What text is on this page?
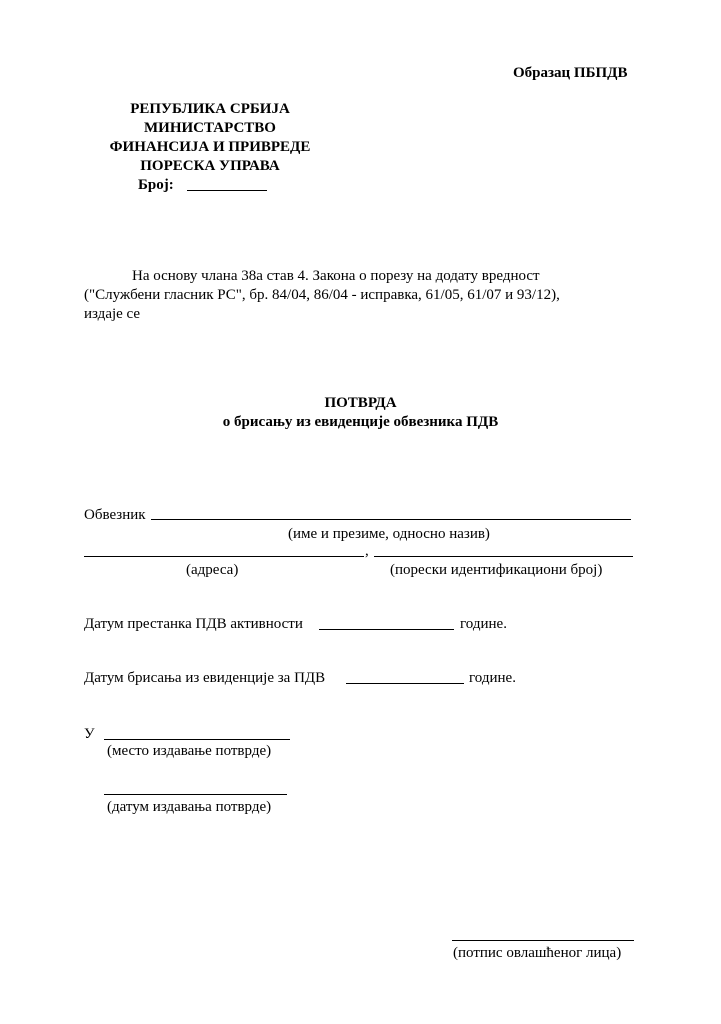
Образац ПБПДВ
РЕПУБЛИКА СРБИЈА
МИНИСТАРСТВО
ФИНАНСИЈА И ПРИВРЕДЕ
ПОРЕСКА УПРАВА
Број:
На основу члана 38а став 4. Закона о порезу на додату вредност
("Службени гласник РС", бр. 84/04, 86/04 - исправка, 61/05, 61/07 и 93/12),
издаје се
ПОТВРДА
о брисању из евиденције обвезника ПДВ
Обвезник
(име и презиме, односно назив)
,
(адреса)	(порески идентификациони број)
Датум престанка ПДВ активности	године.
Датум брисања из евиденције за ПДВ	године.
У
(место издавање потврде)
(датум издавања потврде)
(потпис овлашћеног лица)
